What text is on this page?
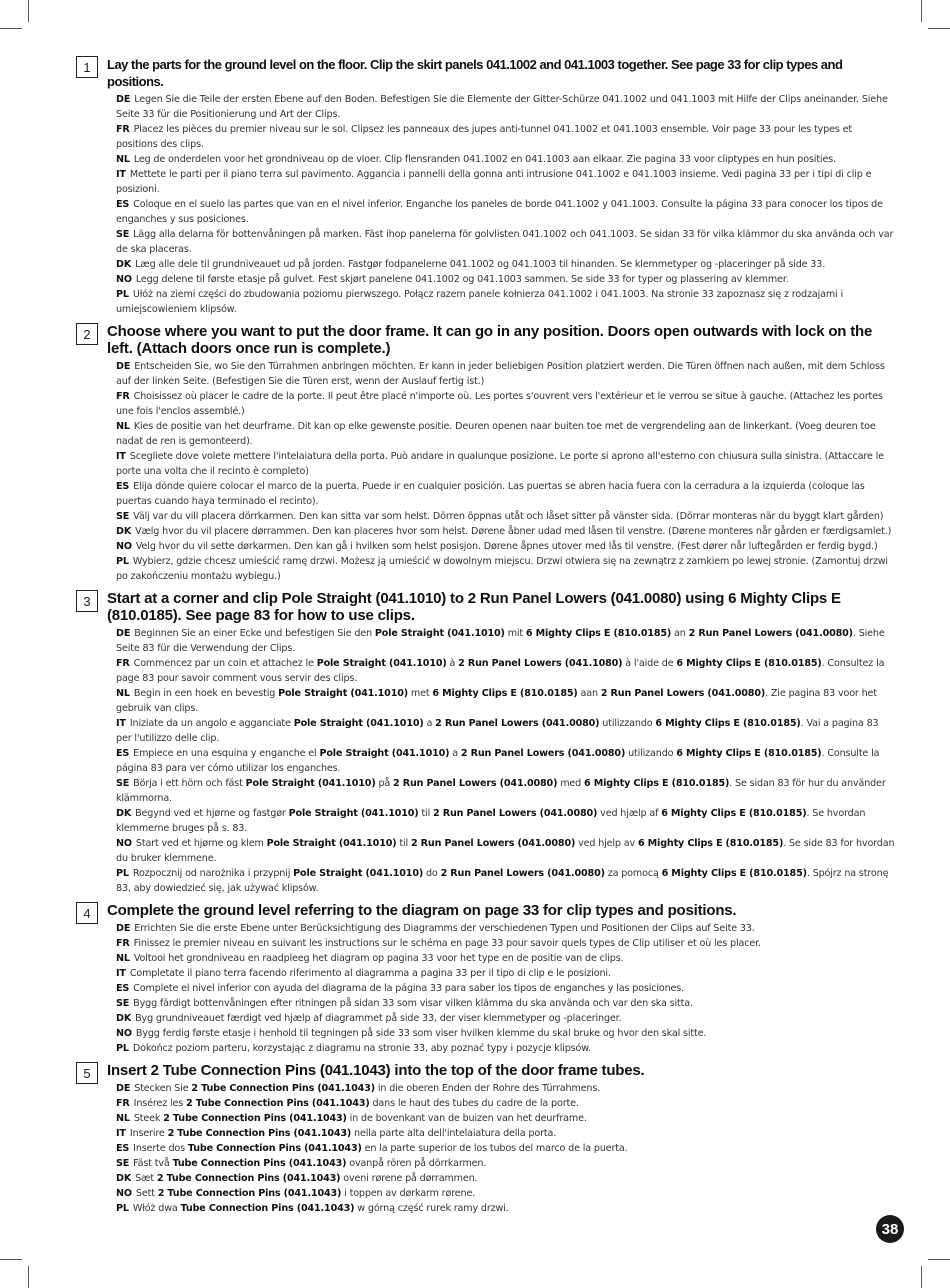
1	Lay the parts for the ground level on the floor. Clip the skirt panels 041.1002 and 041.1003 together. See page 33 for clip types and positions.
DE Legen Sie die Teile der ersten Ebene auf den Boden. Befestigen Sie die Elemente der Gitter-Schürze 041.1002 und 041.1003 mit Hilfe der Clips aneinander. Siehe Seite 33 für die Positionierung und Art der Clips.
FR Placez les pièces du premier niveau sur le sol. Clipsez les panneaux des jupes anti-tunnel 041.1002 et 041.1003 ensemble. Voir page 33 pour les types et positions des clips.
NL Leg de onderdelen voor het grondniveau op de vloer. Clip flensranden 041.1002 en 041.1003 aan elkaar. Zie pagina 33 voor cliptypes en hun posities.
IT Mettete le parti per il piano terra sul pavimento. Aggancia i pannelli della gonna anti intrusione 041.1002 e 041.1003 insieme. Vedi pagina 33 per i tipi di clip e posizioni.
ES Coloque en el suelo las partes que van en el nivel inferior. Enganche los paneles de borde 041.1002 y 041.1003. Consulte la página 33 para conocer los tipos de enganches y sus posiciones.
SE Lägg alla delarna för bottenvåningen på marken. Fäst ihop panelerna för golvlisten 041.1002 och 041.1003. Se sidan 33 för vilka klämmor du ska använda och var de ska placeras.
DK Læg alle dele til grundniveauet ud på jorden. Fastgør fodpanelerne 041.1002 og 041.1003 til hinanden. Se klemmetyper og -placeringer på side 33.
NO Legg delene til første etasje på gulvet. Fest skjørt panelene 041.1002 og 041.1003 sammen. Se side 33 for typer og plassering av klemmer.
PL Ułóż na ziemi części do zbudowania poziomu pierwszego. Połącz razem panele kołnierza 041.1002 i 041.1003. Na stronie 33 zapoznasz się z rodzajami i umiejscowieniem klipsów.
2	Choose where you want to put the door frame. It can go in any position. Doors open outwards with lock on the left. (Attach doors once run is complete.)
DE Entscheiden Sie, wo Sie den Türrahmen anbringen möchten. Er kann in jeder beliebigen Position platziert werden. Die Türen öffnen nach außen, mit dem Schloss auf der linken Seite. (Befestigen Sie die Türen erst, wenn der Auslauf fertig ist.)
FR Choisissez où placer le cadre de la porte. Il peut être placé n'importe où. Les portes s'ouvrent vers l'extérieur et le verrou se situe à gauche. (Attachez les portes une fois l'enclos assemblé.)
NL Kies de positie van het deurframe. Dit kan op elke gewenste positie. Deuren openen naar buiten toe met de vergrendeling aan de linkerkant. (Voeg deuren toe nadat de ren is gemonteerd).
IT Scegliete dove volete mettere l'intelaiatura della porta. Può andare in qualunque posizione. Le porte si aprono all'esterno con chiusura sulla sinistra. (Attaccare le porte una volta che il recinto è completo)
ES Elija dónde quiere colocar el marco de la puerta. Puede ir en cualquier posición. Las puertas se abren hacia fuera con la cerradura a la izquierda (coloque las puertas cuando haya terminado el recinto).
SE Välj var du vill placera dörrkarmen. Den kan sitta var som helst. Dörren öppnas utåt och låset sitter på vänster sida. (Dörrar monteras när du byggt klart gården)
DK Vælg hvor du vil placere dørrammen. Den kan placeres hvor som helst. Dørene åbner udad med låsen til venstre. (Dørene monteres når gården er færdigsamlet.)
NO Velg hvor du vil sette dørkarmen. Den kan gå i hvilken som helst posisjon. Dørene åpnes utover med lås til venstre. (Fest dører når luftegården er ferdig bygd.)
PL Wybierz, gdzie chcesz umieścić ramę drzwi. Możesz ją umieścić w dowolnym miejscu. Drzwi otwiera się na zewnątrz z zamkiem po lewej stronie. (Zamontuj drzwi po zakończeniu montażu wybiegu.)
3	Start at a corner and clip Pole Straight (041.1010) to 2 Run Panel Lowers (041.0080) using 6 Mighty Clips E (810.0185). See page 83 for how to use clips.
DE Beginnen Sie an einer Ecke und befestigen Sie den Pole Straight (041.1010) mit 6 Mighty Clips E (810.0185) an 2 Run Panel Lowers (041.0080). Siehe Seite 83 für die Verwendung der Clips.
FR Commencez par un coin et attachez le Pole Straight (041.1010) à 2 Run Panel Lowers (041.1080) à l'aide de 6 Mighty Clips E (810.0185). Consultez la page 83 pour savoir comment vous servir des clips.
NL Begin in een hoek en bevestig Pole Straight (041.1010) met 6 Mighty Clips E (810.0185) aan 2 Run Panel Lowers (041.0080). Zie pagina 83 voor het gebruik van clips.
IT Iniziate da un angolo e agganciate Pole Straight (041.1010) a 2 Run Panel Lowers (041.0080) utilizzando 6 Mighty Clips E (810.0185). Vai a pagina 83 per l'utilizzo delle clip.
ES Empiece en una esquina y enganche el Pole Straight (041.1010) a 2 Run Panel Lowers (041.0080) utilizando 6 Mighty Clips E (810.0185). Consulte la página 83 para ver cómo utilizar los enganches.
SE Börja i ett hörn och fäst Pole Straight (041.1010) på 2 Run Panel Lowers (041.0080) med 6 Mighty Clips E (810.0185). Se sidan 83 för hur du använder klämmorna.
DK Begynd ved et hjørne og fastgør Pole Straight (041.1010) til 2 Run Panel Lowers (041.0080) ved hjælp af 6 Mighty Clips E (810.0185). Se hvordan klemmerne bruges på s. 83.
NO Start ved et hjørne og klem Pole Straight (041.1010) til 2 Run Panel Lowers (041.0080) ved hjelp av 6 Mighty Clips E (810.0185). Se side 83 for hvordan du bruker klemmene.
PL Rozpocznij od narożnika i przypnij Pole Straight (041.1010) do 2 Run Panel Lowers (041.0080) za pomocą 6 Mighty Clips E (810.0185). Spójrz na stronę 83, aby dowiedzieć się, jak używać klipsów.
4	Complete the ground level referring to the diagram on page 33 for clip types and positions.
DE Errichten Sie die erste Ebene unter Berücksichtigung des Diagramms der verschiedenen Typen und Positionen der Clips auf Seite 33.
FR Finissez le premier niveau en suivant les instructions sur le schéma en page 33 pour savoir quels types de Clip utiliser et où les placer.
NL Voltooi het grondniveau en raadpleeg het diagram op pagina 33 voor het type en de positie van de clips.
IT Completate il piano terra facendo riferimento al diagramma a pagina 33 per il tipo di clip e le posizioni.
ES Complete el nivel inferior con ayuda del diagrama de la página 33 para saber los tipos de enganches y las posiciones.
SE Bygg färdigt bottenvåningen efter ritningen på sidan 33 som visar vilken klämma du ska använda och var den ska sitta.
DK Byg grundniveauet færdigt ved hjælp af diagrammet på side 33, der viser klemmetyper og -placeringer.
NO Bygg ferdig første etasje i henhold til tegningen på side 33 som viser hvilken klemme du skal bruke og hvor den skal sitte.
PL Dokończ poziom parteru, korzystając z diagramu na stronie 33, aby poznać typy i pozycje klipsów.
5	Insert 2 Tube Connection Pins (041.1043) into the top of the door frame tubes.
DE Stecken Sie 2 Tube Connection Pins (041.1043) in die oberen Enden der Rohre des Türrahmens.
FR Insérez les 2 Tube Connection Pins (041.1043) dans le haut des tubes du cadre de la porte.
NL Steek 2 Tube Connection Pins (041.1043) in de bovenkant van de buizen van het deurframe.
IT Inserire 2 Tube Connection Pins (041.1043) nella parte alta dell'intelaiatura della porta.
ES Inserte dos Tube Connection Pins (041.1043) en la parte superior de los tubos del marco de la puerta.
SE Fäst två Tube Connection Pins (041.1043) ovanpå rören på dörrkarmen.
DK Sæt 2 Tube Connection Pins (041.1043) oveni rørene på dørrammen.
NO Sett 2 Tube Connection Pins (041.1043) i toppen av dørkarm rørene.
PL Włóż dwa Tube Connection Pins (041.1043) w górną część rurek ramy drzwi.
38
